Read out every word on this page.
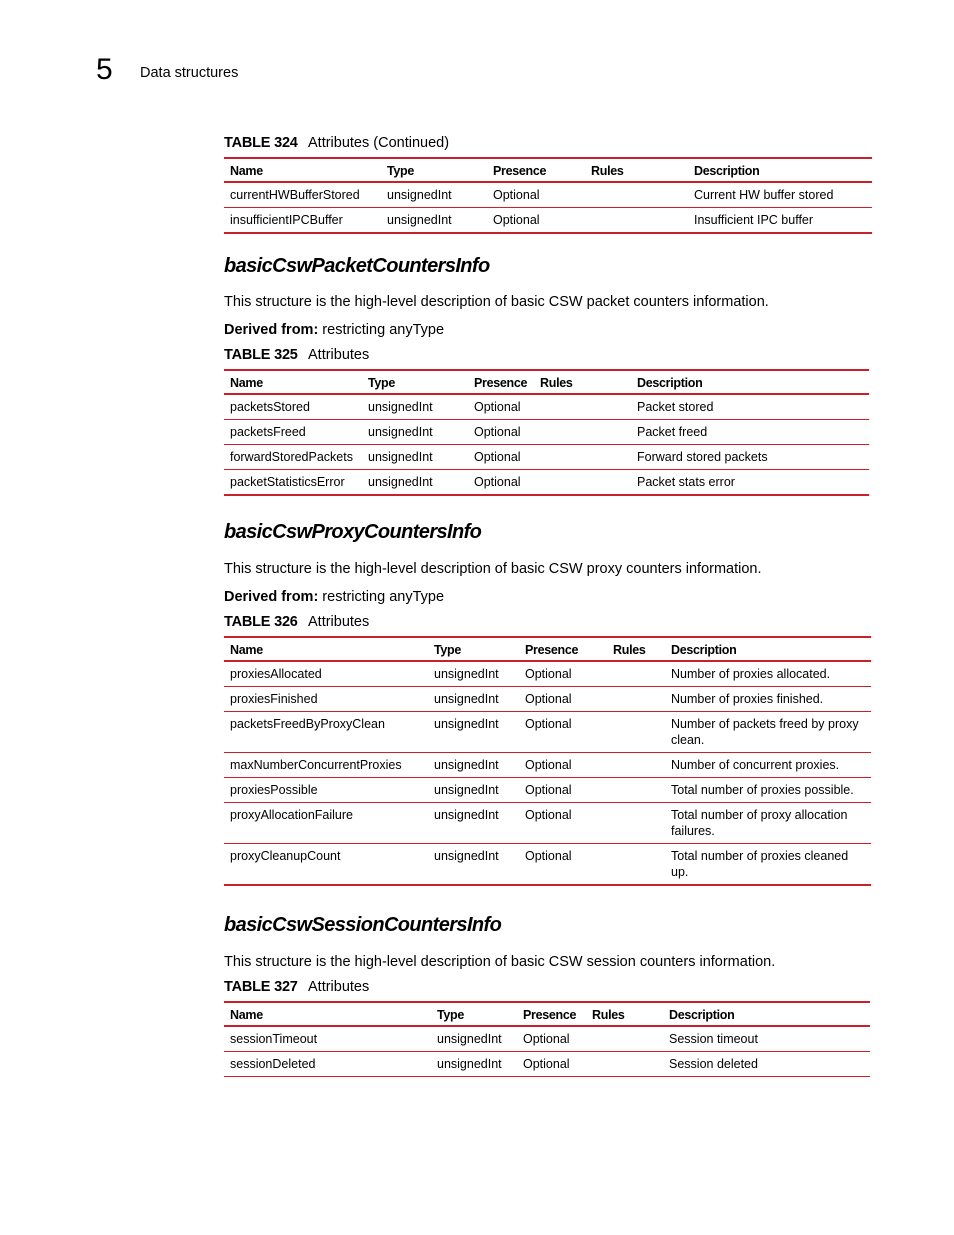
5 Data structures
TABLE 324 Attributes (Continued)
Name	Type	Presence	Rules	Description
currentHWBufferStored	unsignedInt	Optional		Current HW buffer stored
insufficientIPCBuffer	unsignedInt	Optional		Insufficient IPC buffer
basicCswPacketCountersInfo
This structure is the high-level description of basic CSW packet counters information.
Derived from: restricting anyType
TABLE 325 Attributes
Name	Type	Presence	Rules	Description
packetsStored	unsignedInt	Optional		Packet stored
packetsFreed	unsignedInt	Optional		Packet freed
forwardStoredPackets	unsignedInt	Optional		Forward stored packets
packetStatisticsError	unsignedInt	Optional		Packet stats error
basicCswProxyCountersInfo
This structure is the high-level description of basic CSW proxy counters information.
Derived from: restricting anyType
TABLE 326 Attributes
Name	Type	Presence	Rules	Description
proxiesAllocated	unsignedInt	Optional		Number of proxies allocated.
proxiesFinished	unsignedInt	Optional		Number of proxies finished.
packetsFreedByProxyClean	unsignedInt	Optional		Number of packets freed by proxy clean.
maxNumberConcurrentProxies	unsignedInt	Optional		Number of concurrent proxies.
proxiesPossible	unsignedInt	Optional		Total number of proxies possible.
proxyAllocationFailure	unsignedInt	Optional		Total number of proxy allocation failures.
proxyCleanupCount	unsignedInt	Optional		Total number of proxies cleaned up.
basicCswSessionCountersInfo
This structure is the high-level description of basic CSW session counters information.
TABLE 327 Attributes
Name	Type	Presence	Rules	Description
sessionTimeout	unsignedInt	Optional		Session timeout
sessionDeleted	unsignedInt	Optional		Session deleted
